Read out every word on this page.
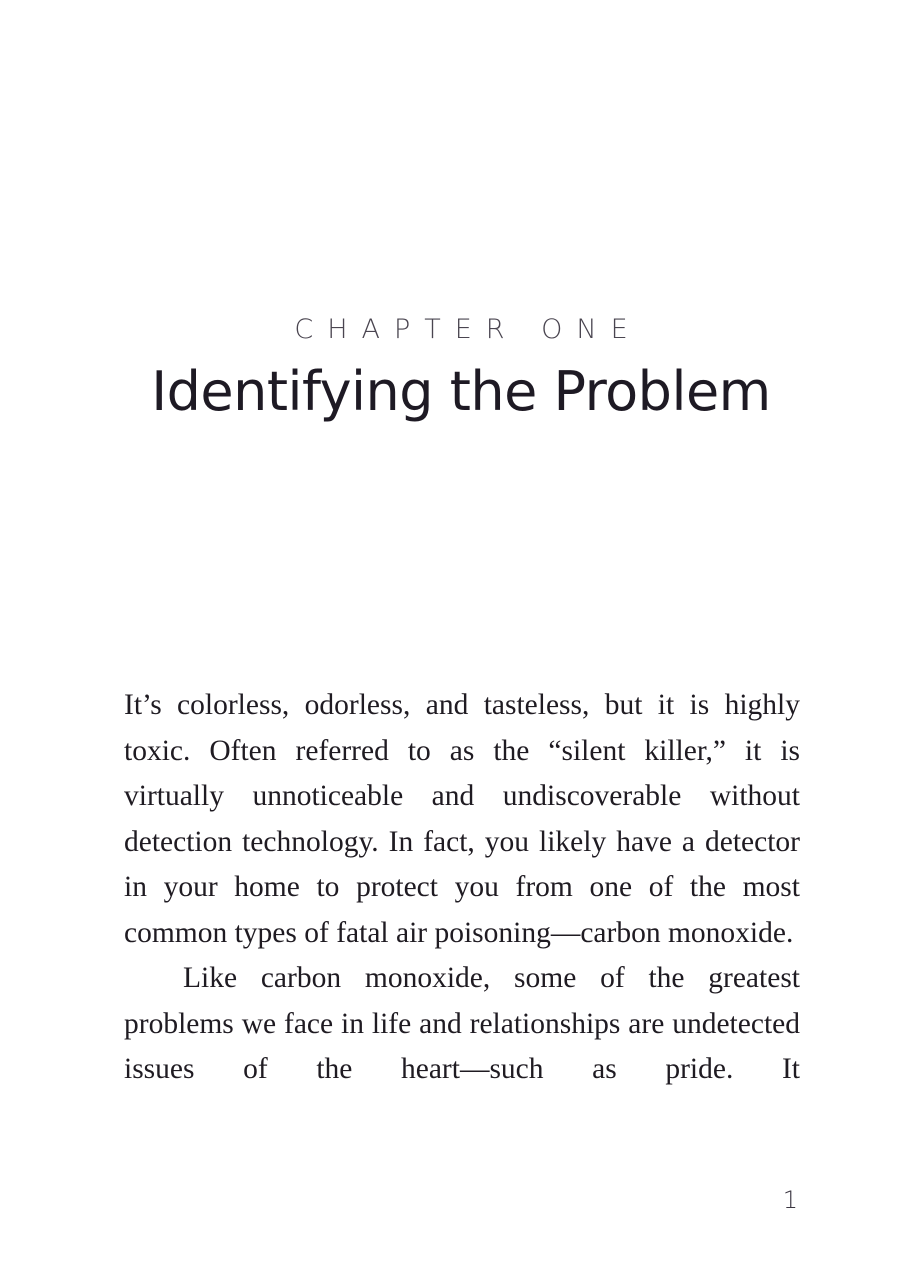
CHAPTER ONE
Identifying the Problem

It’s colorless, odorless, and tasteless, but it is highly toxic. Often referred to as the “silent killer,” it is virtually unnoticeable and undiscoverable without detection technology. In fact, you likely have a detector in your home to protect you from one of the most common types of fatal air poisoning—carbon monoxide.

Like carbon monoxide, some of the greatest problems we face in life and relationships are undetected issues of the heart—such as pride. It

1
